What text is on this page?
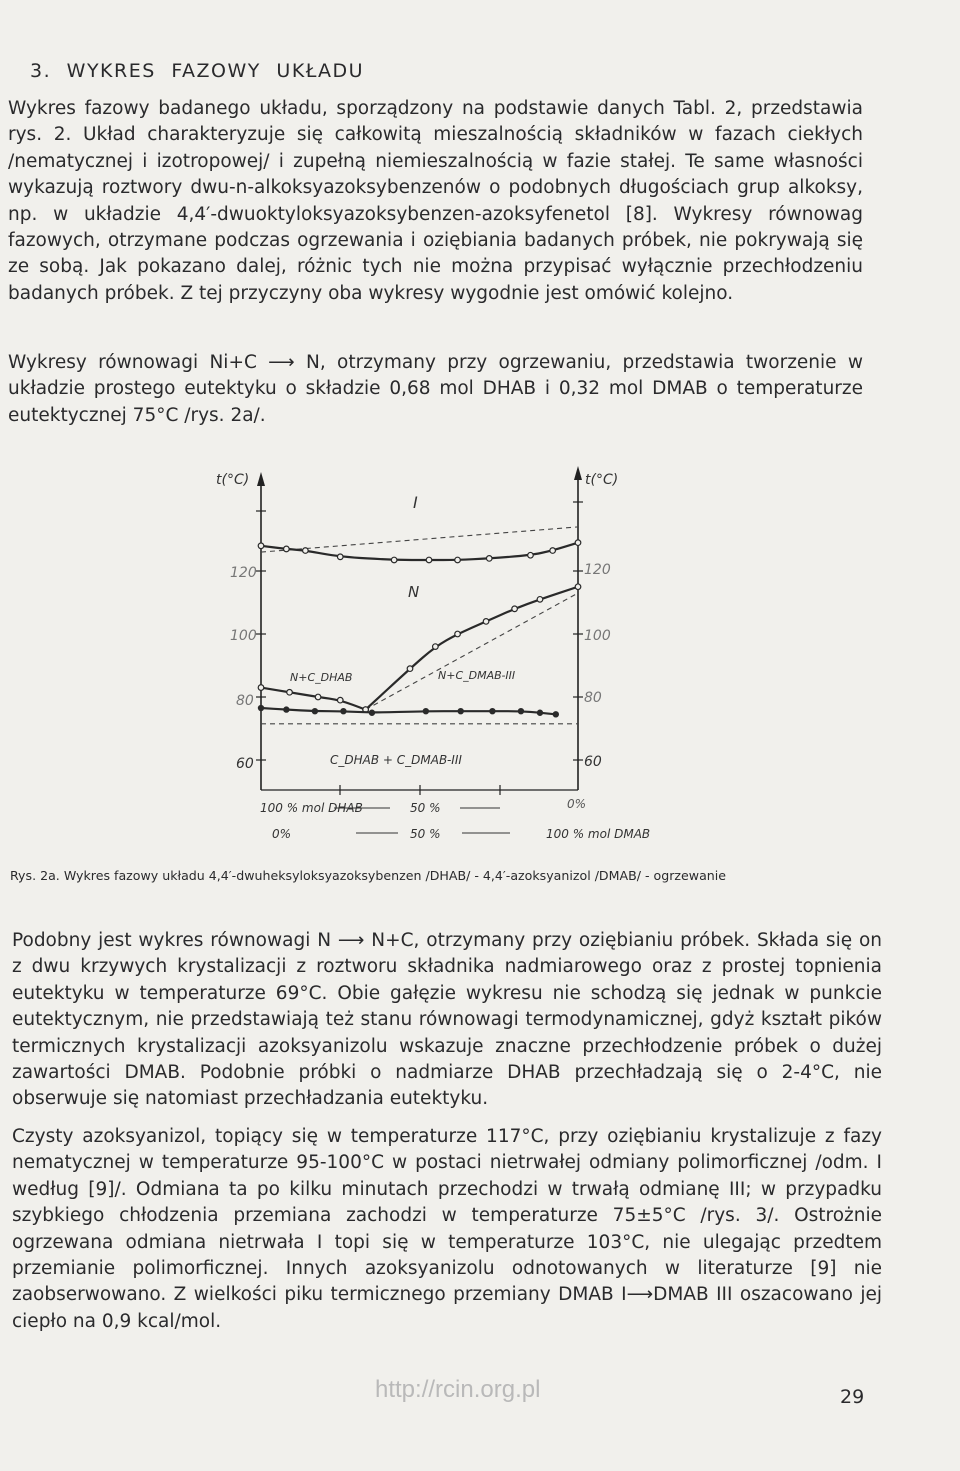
3. WYKRES FAZOWY UKŁADU

Wykres fazowy badanego układu, sporządzony na podstawie danych Tabl. 2, przedstawia rys. 2. Układ charakteryzuje się całkowitą mieszalnością składników w fazach ciekłych /nematycznej i izotropowej/ i zupełną niemieszalnością w fazie stałej. Te same własności wykazują roztwory dwu-n-alkoksyazoksybenzenów o podobnych długościach grup alkoksy, np. w układzie 4,4′-dwuoktyloksyazoksybenzen-azoksyfenetol [8]. Wykresy równowag fazowych, otrzymane podczas ogrzewania i oziębiania badanych próbek, nie pokrywają się ze sobą. Jak pokazano dalej, różnic tych nie można przypisać wyłącznie przechłodzeniu badanych próbek. Z tej przyczyny oba wykresy wygodnie jest omówić kolejno.

Wykresy równowagi Ni+C ⟶ N, otrzymany przy ogrzewaniu, przedstawia tworzenie w układzie prostego eutektyku o składzie 0,68 mol DHAB i 0,32 mol DMAB o temperaturze eutektycznej 75°C /rys. 2a/.

t(°C)	t(°C)
120
100
80
60
120
100
80
60
I
N
N+C_DHAB	N+C_DMAB-III
C_DHAB + C_DMAB-III
100 % mol DHAB	50 %	0%
0%	50 %	100 % mol DMAB
Rys. 2a. Wykres fazowy układu 4,4′-dwuheksyloksyazoksybenzen /DHAB/ - 4,4′-azoksyanizol /DMAB/ - ogrzewanie

Podobny jest wykres równowagi N ⟶ N+C, otrzymany przy oziębianiu próbek. Składa się on z dwu krzywych krystalizacji z roztworu składnika nadmiarowego oraz z prostej topnienia eutektyku w temperaturze 69°C. Obie gałęzie wykresu nie schodzą się jednak w punkcie eutektycznym, nie przedstawiają też stanu równowagi termodynamicznej, gdyż kształt pików termicznych krystalizacji azoksyanizolu wskazuje znaczne przechłodzenie próbek o dużej zawartości DMAB. Podobnie próbki o nadmiarze DHAB przechładzają się o 2-4°C, nie obserwuje się natomiast przechładzania eutektyku.

Czysty azoksyanizol, topiący się w temperaturze 117°C, przy oziębianiu krystalizuje z fazy nematycznej w temperaturze 95-100°C w postaci nietrwałej odmiany polimorficznej /odm. I według [9]/. Odmiana ta po kilku minutach przechodzi w trwałą odmianę III; w przypadku szybkiego chłodzenia przemiana zachodzi w temperaturze 75±5°C /rys. 3/. Ostrożnie ogrzewana odmiana nietrwała I topi się w temperaturze 103°C, nie ulegając przedtem przemianie polimorficznej. Innych azoksyanizolu odnotowanych w literaturze [9] nie zaobserwowano. Z wielkości piku termicznego przemiany DMAB I⟶DMAB III oszacowano jej ciepło na 0,9 kcal/mol.

http://rcin.org.pl	29
